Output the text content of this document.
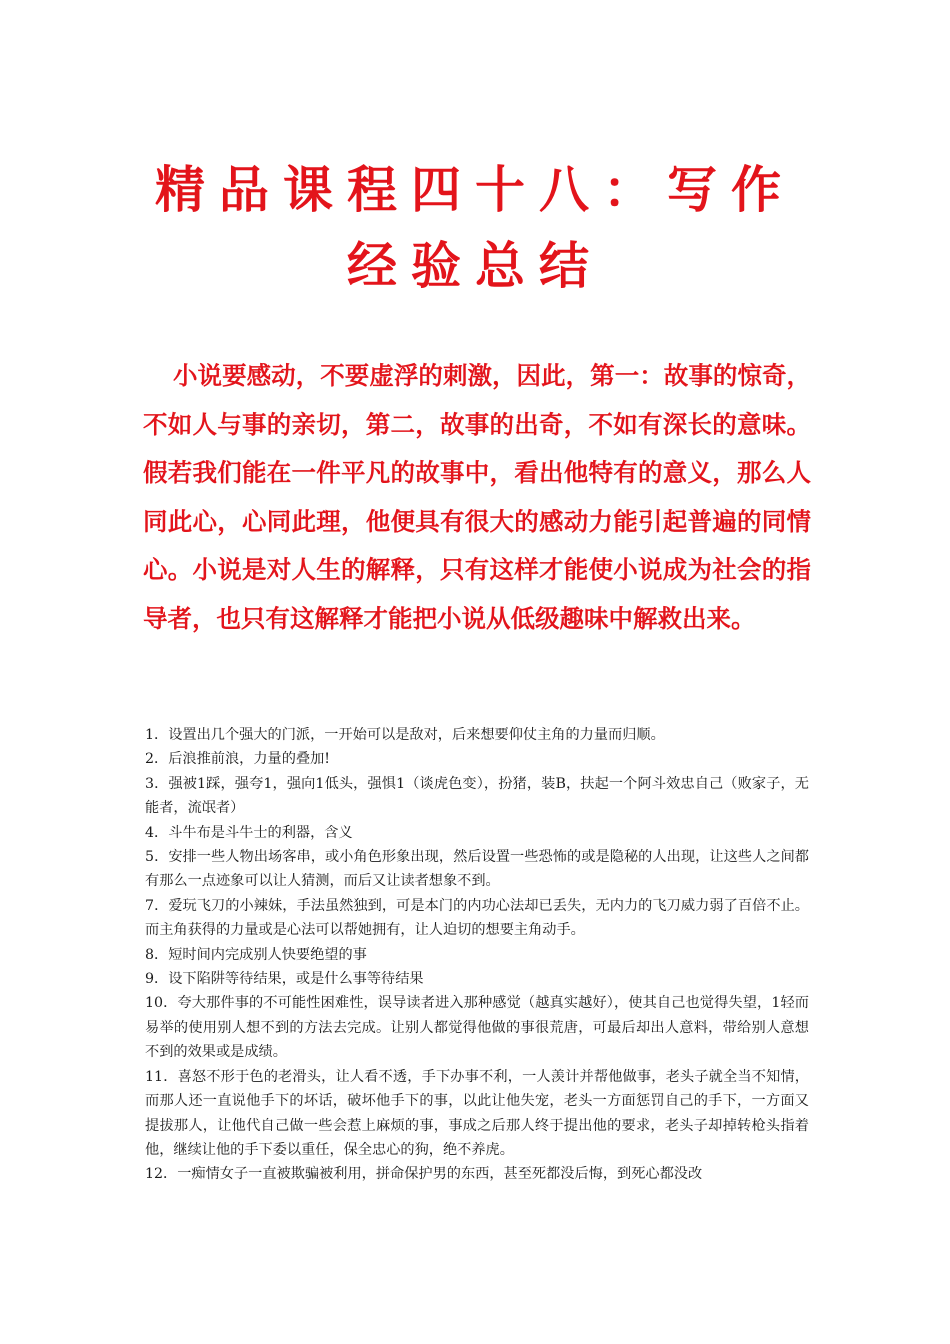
精品课程四十八：写作经验总结

小说要感动，不要虚浮的刺激，因此，第一：故事的惊奇，不如人与事的亲切，第二，故事的出奇，不如有深长的意味。假若我们能在一件平凡的故事中，看出他特有的意义，那么人同此心，心同此理，他便具有很大的感动力能引起普遍的同情心。小说是对人生的解释，只有这样才能使小说成为社会的指导者，也只有这解释才能把小说从低级趣味中解救出来。

1．设置出几个强大的门派，一开始可以是敌对，后来想要仰仗主角的力量而归顺。
2．后浪推前浪，力量的叠加!
3．强被1踩，强夸1，强向1低头，强惧1（谈虎色变），扮猪，装B，扶起一个阿斗效忠自己（败家子，无能者，流氓者）
4．斗牛布是斗牛士的利器，含义
5．安排一些人物出场客串，或小角色形象出现，然后设置一些恐怖的或是隐秘的人出现，让这些人之间都有那么一点迹象可以让人猜测，而后又让读者想象不到。
7．爱玩飞刀的小辣妹，手法虽然独到，可是本门的内功心法却已丢失，无内力的飞刀威力弱了百倍不止。而主角获得的力量或是心法可以帮她拥有，让人迫切的想要主角动手。
8．短时间内完成别人快要绝望的事
9．设下陷阱等待结果，或是什么事等待结果
10．夸大那件事的不可能性困难性，误导读者进入那种感觉（越真实越好），使其自己也觉得失望，1轻而易举的使用别人想不到的方法去完成。让别人都觉得他做的事很荒唐，可最后却出人意料，带给别人意想不到的效果或是成绩。
11．喜怒不形于色的老滑头，让人看不透，手下办事不利，一人羡计并帮他做事，老头子就全当不知情，而那人还一直说他手下的坏话，破坏他手下的事，以此让他失宠，老头一方面惩罚自己的手下，一方面又提拔那人，让他代自己做一些会惹上麻烦的事，事成之后那人终于提出他的要求，老头子却掉转枪头指着他，继续让他的手下委以重任，保全忠心的狗，绝不养虎。
12．一痴情女子一直被欺骗被利用，拼命保护男的东西，甚至死都没后悔，到死心都没改
